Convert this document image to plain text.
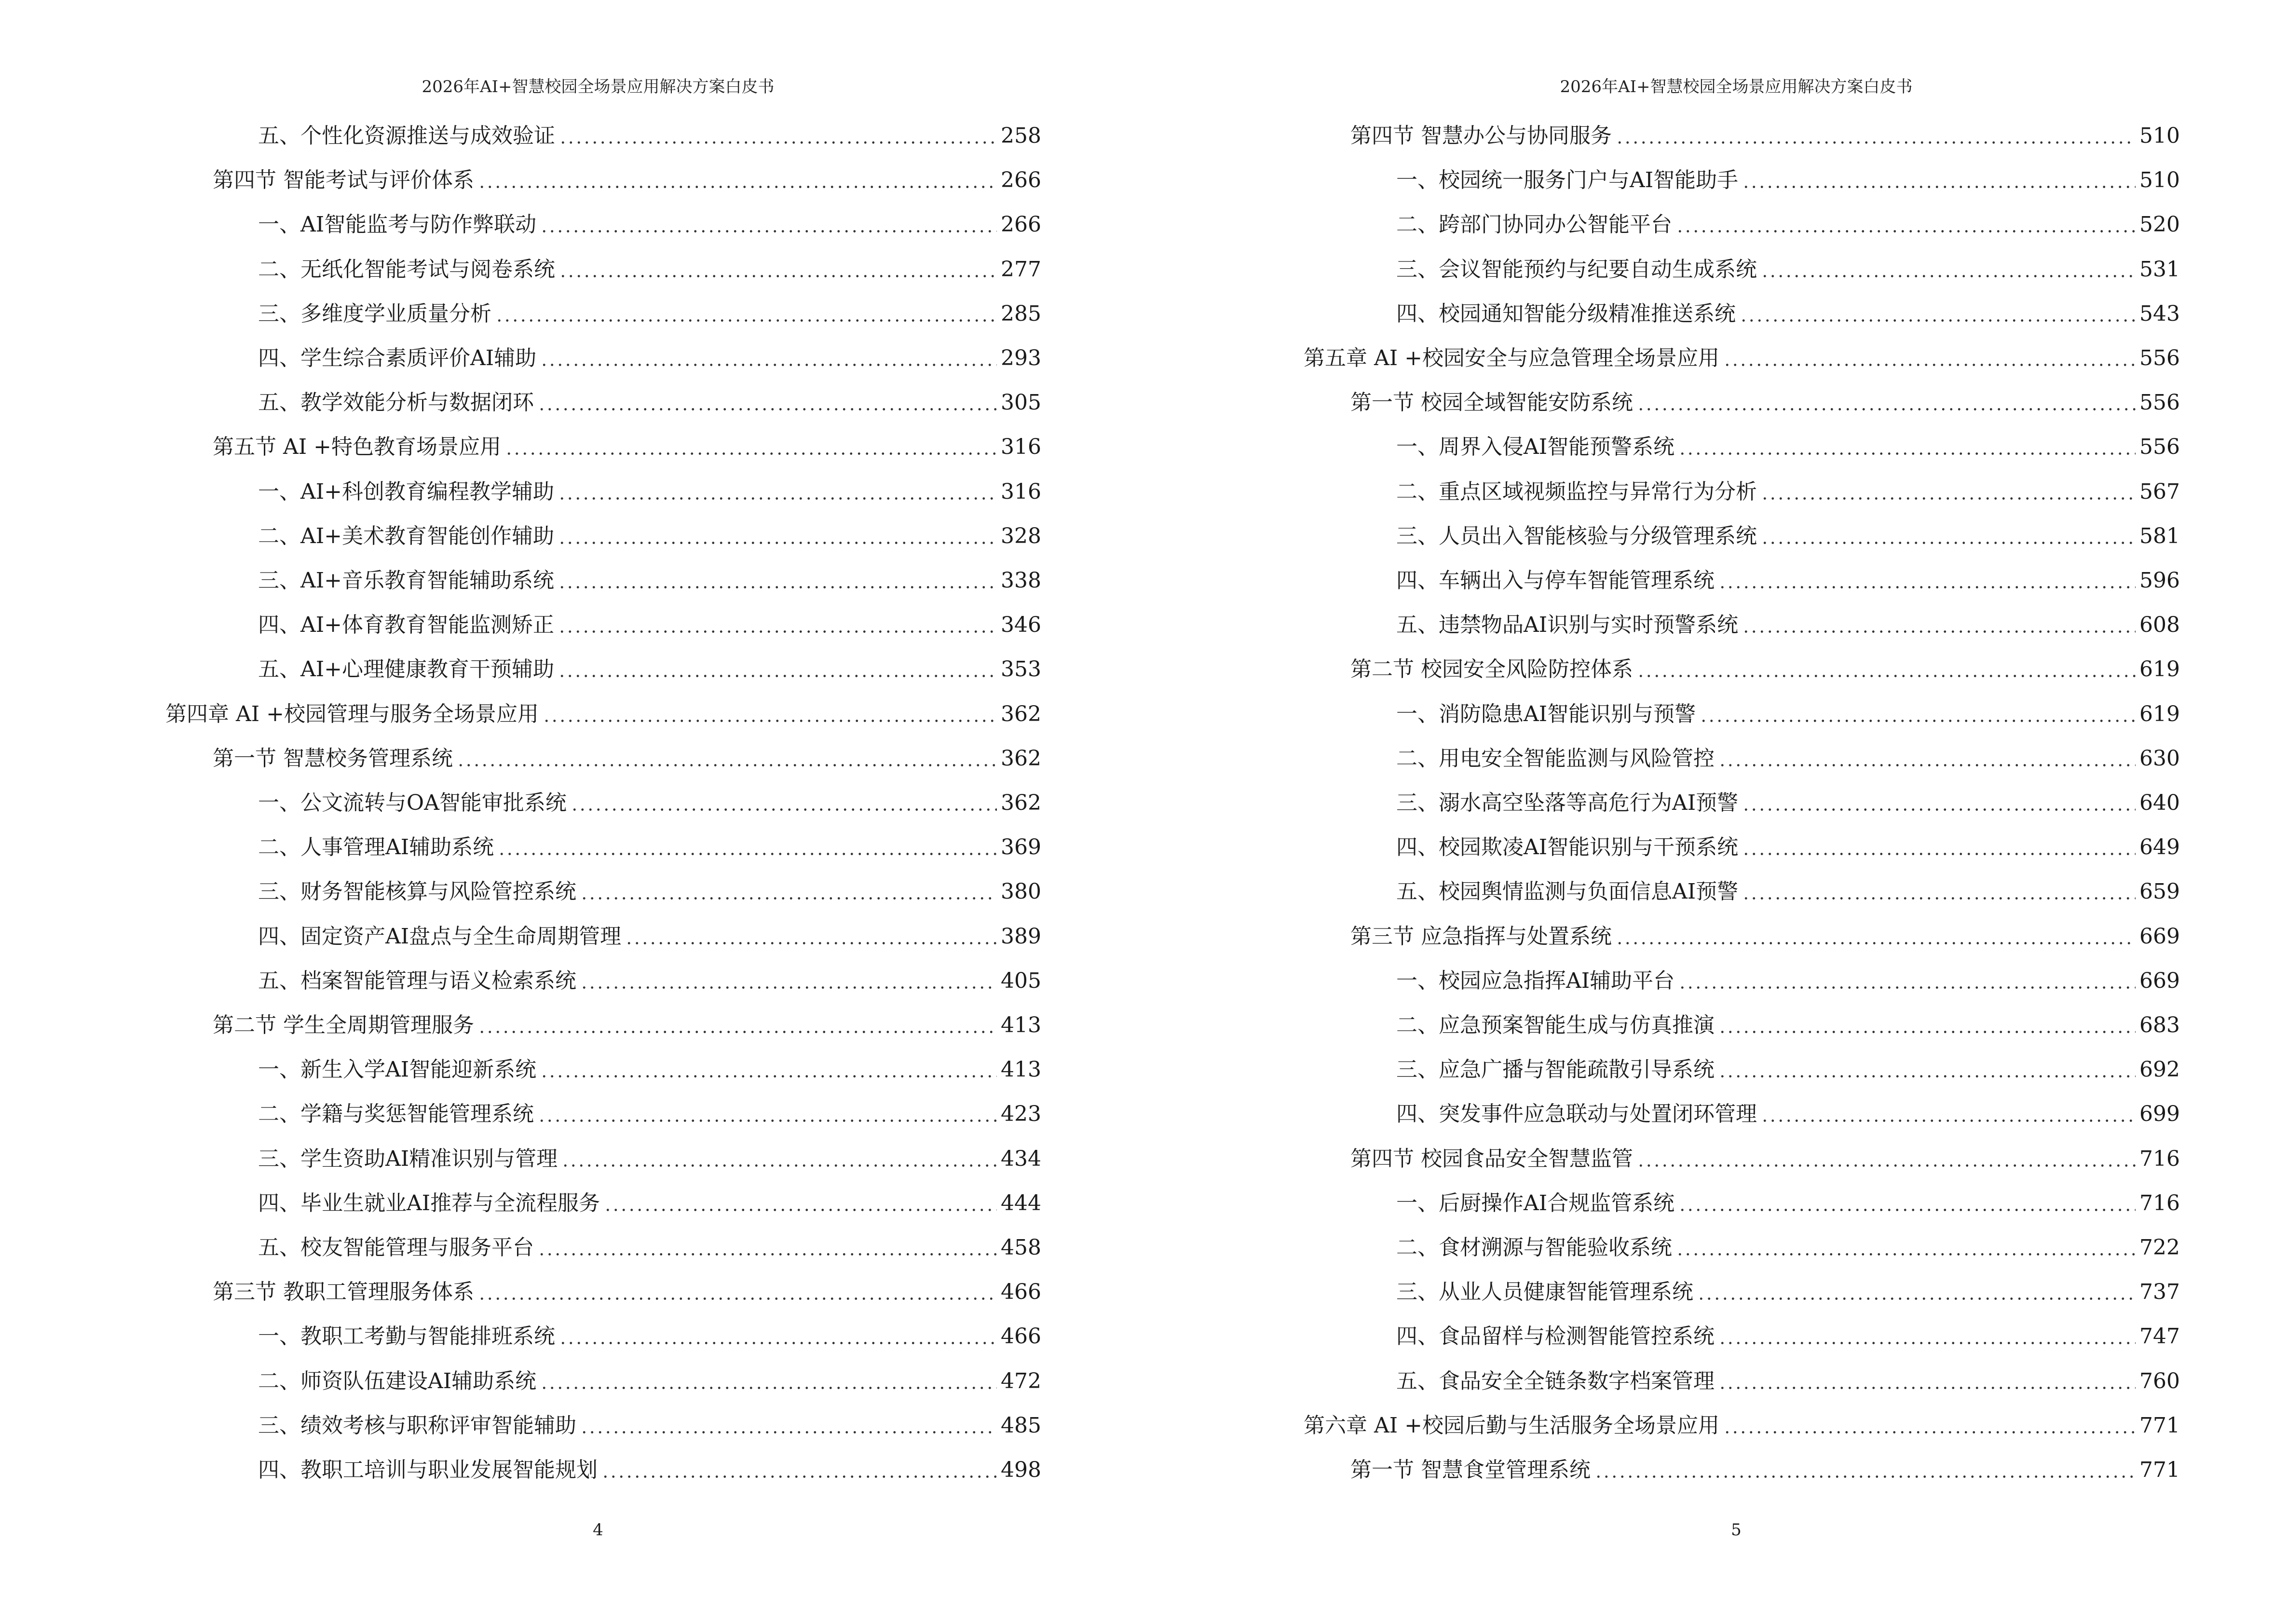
2026年AI+智慧校园全场景应用解决方案白皮书
五、个性化资源推送与成效验证	258
第四节 智能考试与评价体系	266
一、AI智能监考与防作弊联动	266
二、无纸化智能考试与阅卷系统	277
三、多维度学业质量分析	285
四、学生综合素质评价AI辅助	293
五、教学效能分析与数据闭环	305
第五节 AI +特色教育场景应用	316
一、AI+科创教育编程教学辅助	316
二、AI+美术教育智能创作辅助	328
三、AI+音乐教育智能辅助系统	338
四、AI+体育教育智能监测矫正	346
五、AI+心理健康教育干预辅助	353
第四章 AI +校园管理与服务全场景应用	362
第一节 智慧校务管理系统	362
一、公文流转与OA智能审批系统	362
二、人事管理AI辅助系统	369
三、财务智能核算与风险管控系统	380
四、固定资产AI盘点与全生命周期管理	389
五、档案智能管理与语义检索系统	405
第二节 学生全周期管理服务	413
一、新生入学AI智能迎新系统	413
二、学籍与奖惩智能管理系统	423
三、学生资助AI精准识别与管理	434
四、毕业生就业AI推荐与全流程服务	444
五、校友智能管理与服务平台	458
第三节 教职工管理服务体系	466
一、教职工考勤与智能排班系统	466
二、师资队伍建设AI辅助系统	472
三、绩效考核与职称评审智能辅助	485
四、教职工培训与职业发展智能规划	498
4
2026年AI+智慧校园全场景应用解决方案白皮书
第四节 智慧办公与协同服务	510
一、校园统一服务门户与AI智能助手	510
二、跨部门协同办公智能平台	520
三、会议智能预约与纪要自动生成系统	531
四、校园通知智能分级精准推送系统	543
第五章 AI +校园安全与应急管理全场景应用	556
第一节 校园全域智能安防系统	556
一、周界入侵AI智能预警系统	556
二、重点区域视频监控与异常行为分析	567
三、人员出入智能核验与分级管理系统	581
四、车辆出入与停车智能管理系统	596
五、违禁物品AI识别与实时预警系统	608
第二节 校园安全风险防控体系	619
一、消防隐患AI智能识别与预警	619
二、用电安全智能监测与风险管控	630
三、溺水高空坠落等高危行为AI预警	640
四、校园欺凌AI智能识别与干预系统	649
五、校园舆情监测与负面信息AI预警	659
第三节 应急指挥与处置系统	669
一、校园应急指挥AI辅助平台	669
二、应急预案智能生成与仿真推演	683
三、应急广播与智能疏散引导系统	692
四、突发事件应急联动与处置闭环管理	699
第四节 校园食品安全智慧监管	716
一、后厨操作AI合规监管系统	716
二、食材溯源与智能验收系统	722
三、从业人员健康智能管理系统	737
四、食品留样与检测智能管控系统	747
五、食品安全全链条数字档案管理	760
第六章 AI +校园后勤与生活服务全场景应用	771
第一节 智慧食堂管理系统	771
5
